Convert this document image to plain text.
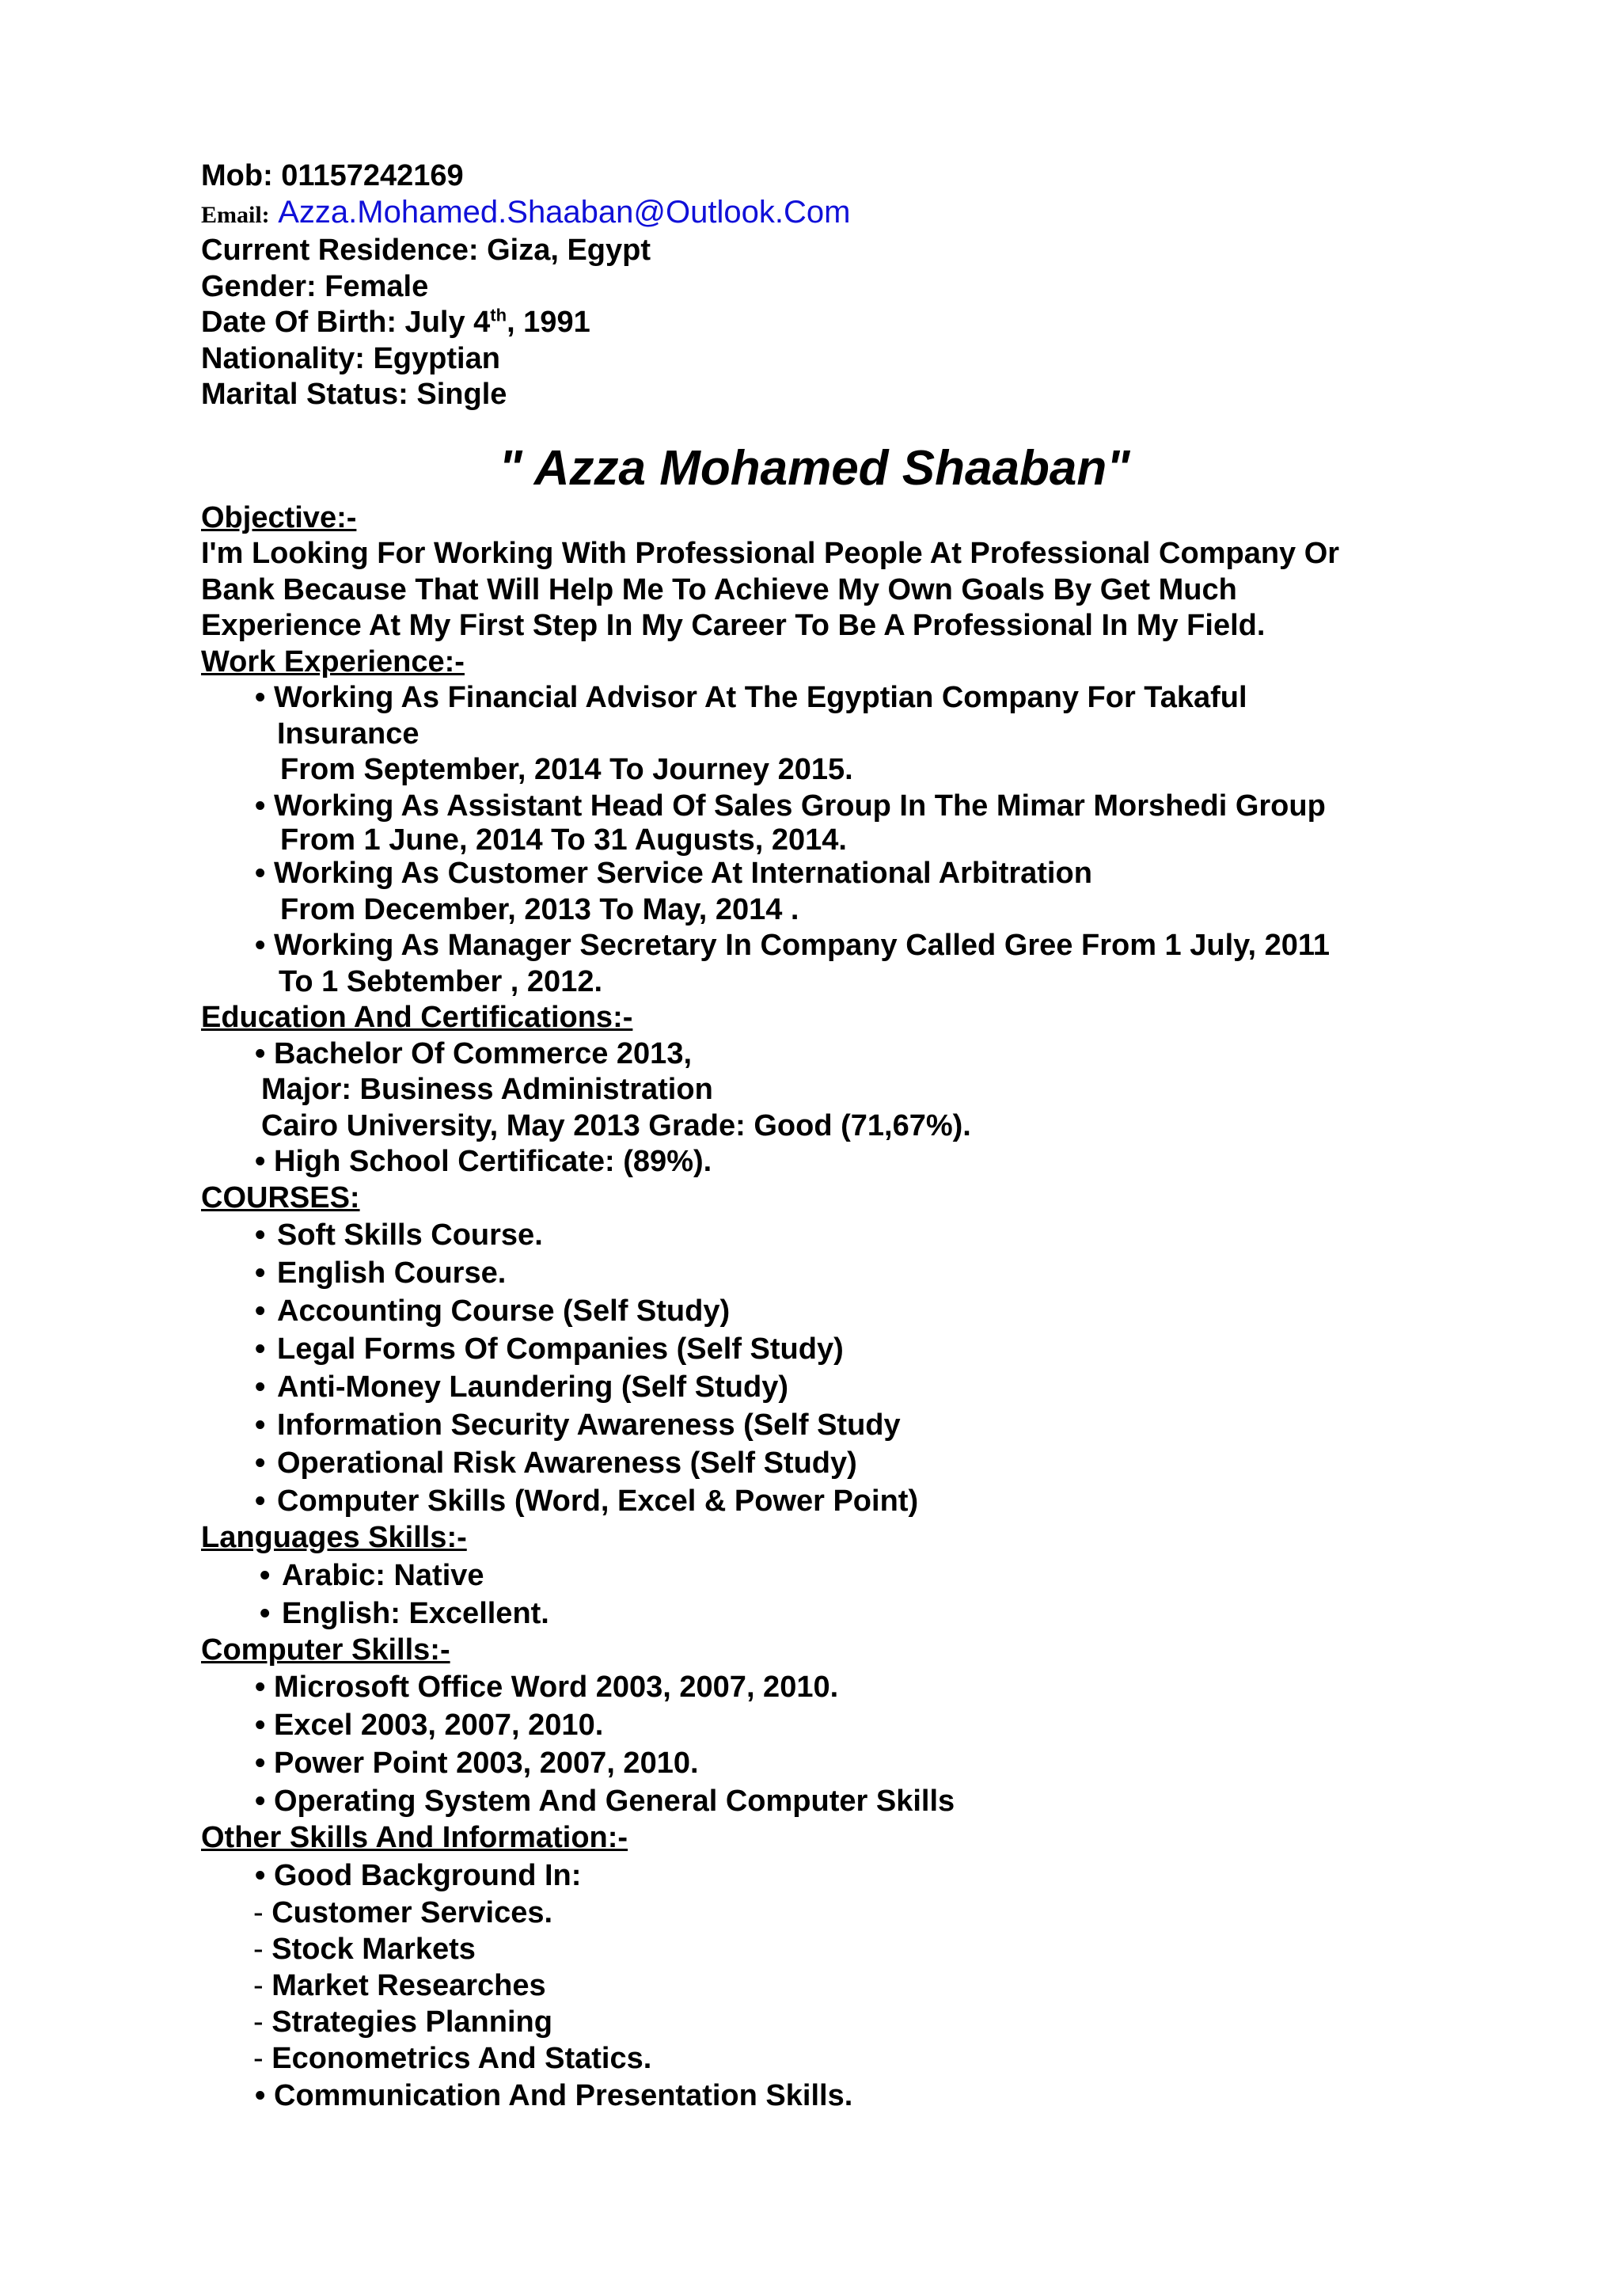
Mob: 01157242169
Email: Azza.Mohamed.Shaaban@Outlook.Com
Current Residence: Giza, Egypt
Gender: Female
Date Of Birth: July 4th, 1991
Nationality: Egyptian
Marital Status: Single
" Azza Mohamed Shaaban"
Objective:-
I'm Looking For Working With Professional People At Professional Company Or
Bank Because That Will Help Me To Achieve My Own Goals By Get Much
Experience At My First Step In My Career To Be A Professional In My Field.
Work Experience:-
• Working As Financial Advisor At The Egyptian Company For Takaful
Insurance
From September, 2014 To Journey 2015.
• Working As Assistant Head Of Sales Group In The Mimar Morshedi Group
From 1 June, 2014 To 31 Augusts, 2014.
• Working As Customer Service At International Arbitration
From December, 2013 To May, 2014 .
• Working As Manager Secretary In Company Called Gree From 1 July, 2011
To 1 Sebtember , 2012.
Education And Certifications:-
• Bachelor Of Commerce 2013,
Major: Business Administration
Cairo University, May 2013 Grade: Good (71,67%).
• High School Certificate: (89%).
COURSES:
• Soft Skills Course.
• English Course.
• Accounting Course (Self Study)
• Legal Forms Of Companies (Self Study)
• Anti-Money Laundering (Self Study)
• Information Security Awareness (Self Study
• Operational Risk Awareness (Self Study)
• Computer Skills (Word, Excel & Power Point)
Languages Skills:-
• Arabic: Native
• English: Excellent.
Computer Skills:-
• Microsoft Office Word 2003, 2007, 2010.
• Excel 2003, 2007, 2010.
• Power Point 2003, 2007, 2010.
• Operating System And General Computer Skills
Other Skills And Information:-
• Good Background In:
- Customer Services.
- Stock Markets
- Market Researches
- Strategies Planning
- Econometrics And Statics.
• Communication And Presentation Skills.
